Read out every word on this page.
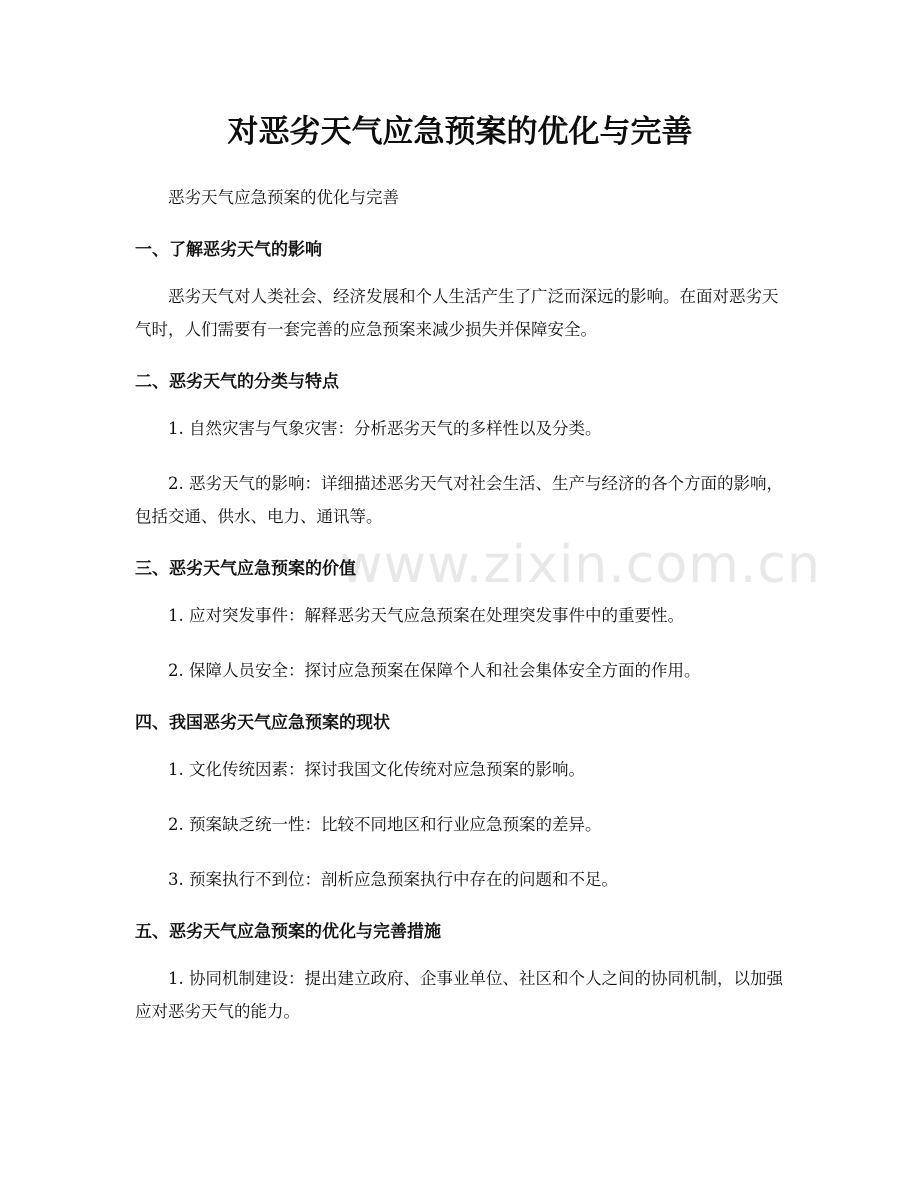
对恶劣天气应急预案的优化与完善
www.zixin.com.cn

恶劣天气应急预案的优化与完善

一、了解恶劣天气的影响

恶劣天气对人类社会、经济发展和个人生活产生了广泛而深远的影响。在面对恶劣天气时，人们需要有一套完善的应急预案来减少损失并保障安全。

二、恶劣天气的分类与特点

1. 自然灾害与气象灾害：分析恶劣天气的多样性以及分类。

2. 恶劣天气的影响：详细描述恶劣天气对社会生活、生产与经济的各个方面的影响，包括交通、供水、电力、通讯等。

三、恶劣天气应急预案的价值

1. 应对突发事件：解释恶劣天气应急预案在处理突发事件中的重要性。

2. 保障人员安全：探讨应急预案在保障个人和社会集体安全方面的作用。

四、我国恶劣天气应急预案的现状

1. 文化传统因素：探讨我国文化传统对应急预案的影响。

2. 预案缺乏统一性：比较不同地区和行业应急预案的差异。

3. 预案执行不到位：剖析应急预案执行中存在的问题和不足。

五、恶劣天气应急预案的优化与完善措施

1. 协同机制建设：提出建立政府、企事业单位、社区和个人之间的协同机制，以加强应对恶劣天气的能力。
